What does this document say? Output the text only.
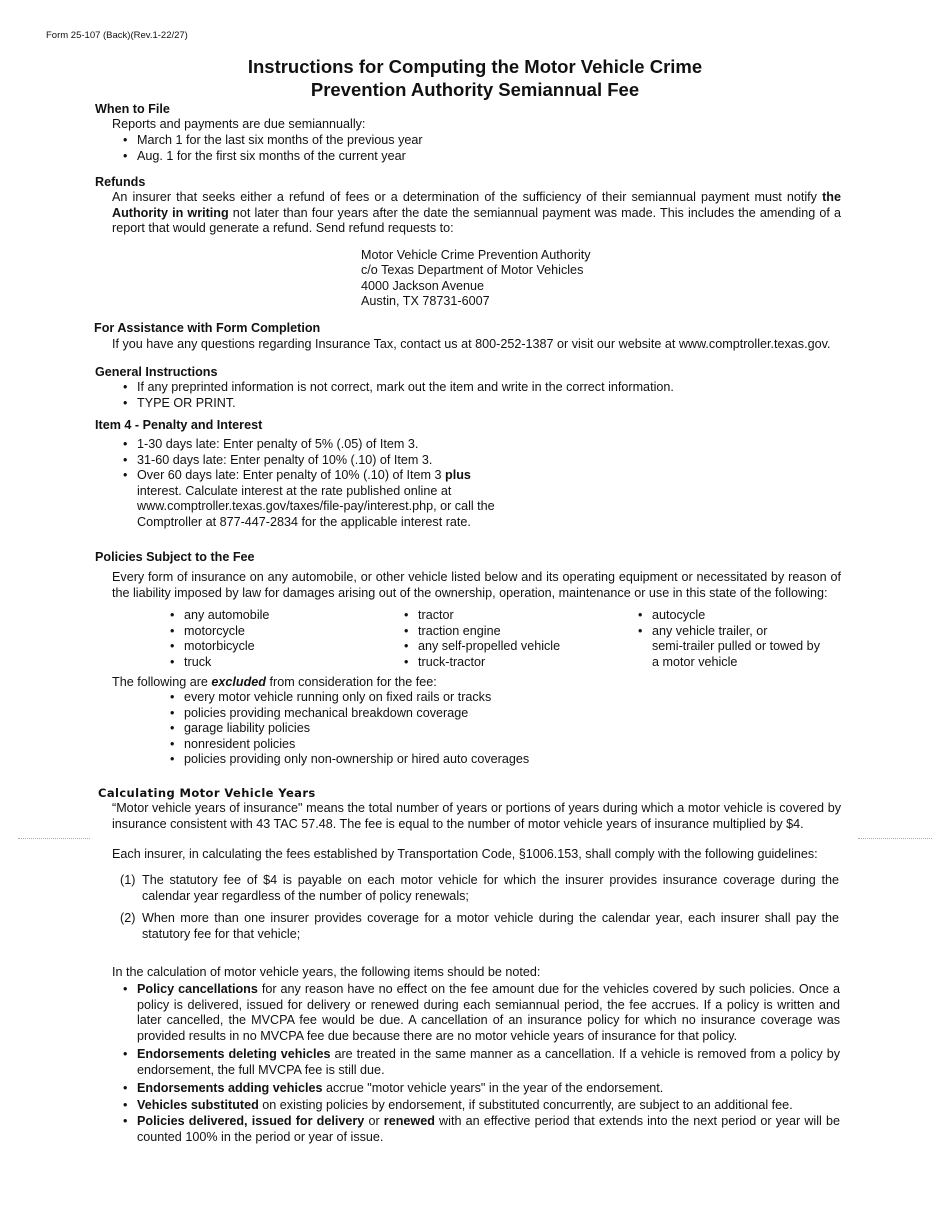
Form 25-107 (Back)(Rev.1-22/27)
Instructions for Computing the Motor Vehicle Crime
Prevention Authority Semiannual Fee
When to File
Reports and payments are due semiannually:
• March 1 for the last six months of the previous year
• Aug. 1 for the first six months of the current year
Refunds
An insurer that seeks either a refund of fees or a determination of the sufficiency of their semiannual payment must notify the Authority in writing not later than four years after the date the semiannual payment was made. This includes the amending of a report that would generate a refund. Send refund requests to:
Motor Vehicle Crime Prevention Authority
c/o Texas Department of Motor Vehicles
4000 Jackson Avenue
Austin, TX 78731-6007
For Assistance with Form Completion
If you have any questions regarding Insurance Tax, contact us at 800-252-1387 or visit our website at www.comptroller.texas.gov.
General Instructions
• If any preprinted information is not correct, mark out the item and write in the correct information.
• TYPE OR PRINT.
Item 4 - Penalty and Interest
• 1-30 days late: Enter penalty of 5% (.05) of Item 3.
• 31-60 days late: Enter penalty of 10% (.10) of Item 3.
• Over 60 days late: Enter penalty of 10% (.10) of Item 3 plus
interest. Calculate interest at the rate published online at
www.comptroller.texas.gov/taxes/file-pay/interest.php, or call the
Comptroller at 877-447-2834 for the applicable interest rate.
Policies Subject to the Fee
Every form of insurance on any automobile, or other vehicle listed below and its operating equipment or necessitated by reason of the liability imposed by law for damages arising out of the ownership, operation, maintenance or use in this state of the following:
• any automobile
• motorcycle
• motorbicycle
• truck
• tractor
• traction engine
• any self-propelled vehicle
• truck-tractor
• autocycle
• any vehicle trailer, or
semi-trailer pulled or towed by
a motor vehicle
The following are excluded from consideration for the fee:
• every motor vehicle running only on fixed rails or tracks
• policies providing mechanical breakdown coverage
• garage liability policies
• nonresident policies
• policies providing only non-ownership or hired auto coverages
Calculating Motor Vehicle Years
“Motor vehicle years of insurance" means the total number of years or portions of years during which a motor vehicle is covered by insurance consistent with 43 TAC 57.48. The fee is equal to the number of motor vehicle years of insurance multiplied by $4.
Each insurer, in calculating the fees established by Transportation Code, §1006.153, shall comply with the following guidelines:
(1) The statutory fee of $4 is payable on each motor vehicle for which the insurer provides insurance coverage during the calendar year regardless of the number of policy renewals;
(2) When more than one insurer provides coverage for a motor vehicle during the calendar year, each insurer shall pay the statutory fee for that vehicle;
In the calculation of motor vehicle years, the following items should be noted:
• Policy cancellations for any reason have no effect on the fee amount due for the vehicles covered by such policies. Once a policy is delivered, issued for delivery or renewed during each semiannual period, the fee accrues. If a policy is written and later cancelled, the MVCPA fee would be due. A cancellation of an insurance policy for which no insurance coverage was provided results in no MVCPA fee due because there are no motor vehicle years of insurance for that policy.
• Endorsements deleting vehicles are treated in the same manner as a cancellation. If a vehicle is removed from a policy by endorsement, the full MVCPA fee is still due.
• Endorsements adding vehicles accrue "motor vehicle years" in the year of the endorsement.
• Vehicles substituted on existing policies by endorsement, if substituted concurrently, are subject to an additional fee.
• Policies delivered, issued for delivery or renewed with an effective period that extends into the next period or year will be counted 100% in the period or year of issue.
